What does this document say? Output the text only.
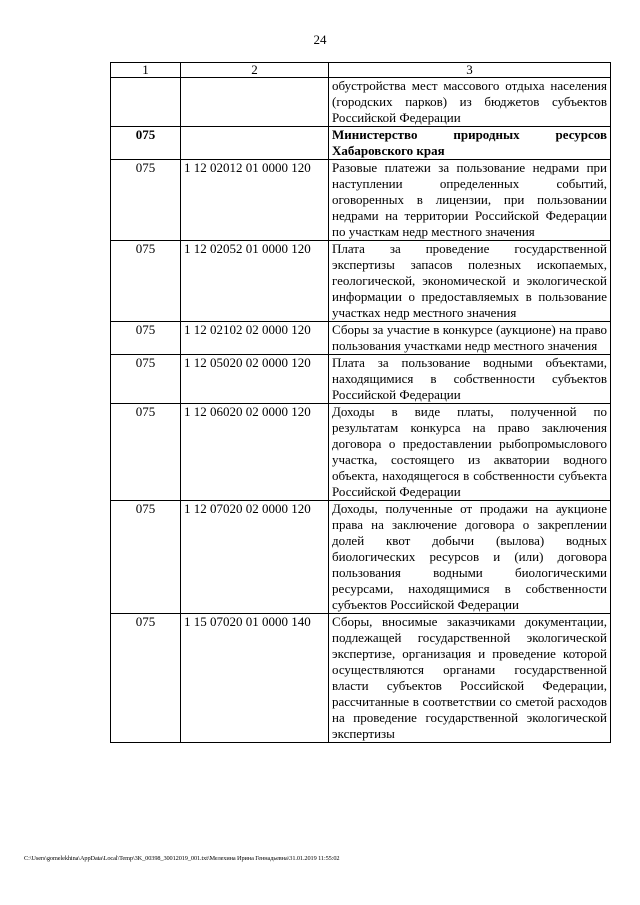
24
1	2	3
		обустройства мест массового отдыха населения (городских парков) из бюджетов субъектов Российской Федерации
075		Министерство природных ресурсов Хабаровского края
075	1 12 02012 01 0000 120	Разовые платежи за пользование недрами при наступлении определенных событий, оговоренных в лицензии, при пользовании недрами на территории Российской Федерации по участкам недр местного значения
075	1 12 02052 01 0000 120	Плата за проведение государственной экспертизы запасов полезных ископаемых, геологической, экономической и экологической информации о предоставляемых в пользование участках недр местного значения
075	1 12 02102 02 0000 120	Сборы за участие в конкурсе (аукционе) на право пользования участками недр местного значения
075	1 12 05020 02 0000 120	Плата за пользование водными объектами, находящимися в собственности субъектов Российской Федерации
075	1 12 06020 02 0000 120	Доходы в виде платы, полученной по результатам конкурса на право заключения договора о предоставлении рыбопромыслового участка, состоящего из акватории водного объекта, находящегося в собственности субъекта Российской Федерации
075	1 12 07020 02 0000 120	Доходы, полученные от продажи на аукционе права на заключение договора о закреплении долей квот добычи (вылова) водных биологических ресурсов и (или) договора пользования водными биологическими ресурсами, находящимися в собственности субъектов Российской Федерации
075	1 15 07020 01 0000 140	Сборы, вносимые заказчиками документации, подлежащей государственной экологической экспертизе, организация и проведение которой осуществляются органами государственной власти субъектов Российской Федерации, рассчитанные в соответствии со сметой расходов на проведение государственной экологической экспертизы
C:\Users\gomelekhina\AppData\Local\Temp\3K_00398_30012019_001.txt\Мелехина Ирина Геннадьевна\31.01.2019 11:55:02
